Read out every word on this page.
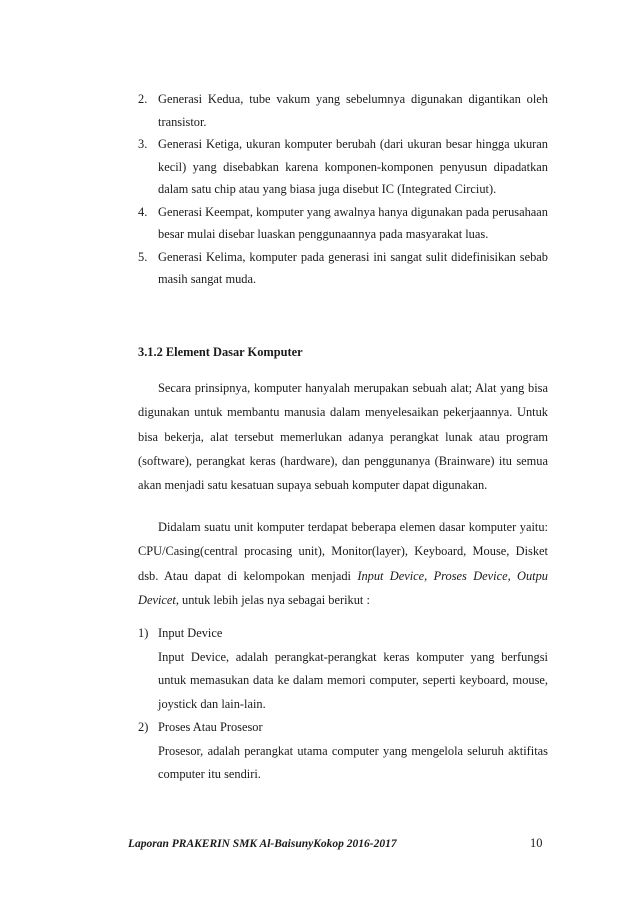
2. Generasi Kedua, tube vakum yang sebelumnya digunakan digantikan oleh transistor.
3. Generasi Ketiga, ukuran komputer berubah (dari ukuran besar hingga ukuran kecil) yang disebabkan karena komponen-komponen penyusun dipadatkan dalam satu chip atau yang biasa juga disebut IC (Integrated Circiut).
4. Generasi Keempat, komputer yang awalnya hanya digunakan pada perusahaan besar mulai disebar luaskan penggunaannya pada masyarakat luas.
5. Generasi Kelima, komputer pada generasi ini sangat sulit didefinisikan sebab masih sangat muda.
3.1.2 Element Dasar Komputer

Secara prinsipnya, komputer hanyalah merupakan sebuah alat; Alat yang bisa digunakan untuk membantu manusia dalam menyelesaikan pekerjaannya. Untuk bisa bekerja, alat tersebut memerlukan adanya perangkat lunak atau program (software), perangkat keras (hardware), dan penggunanya (Brainware) itu semua akan menjadi satu kesatuan supaya sebuah komputer dapat digunakan.

Didalam suatu unit komputer terdapat beberapa elemen dasar komputer yaitu: CPU/Casing(central procasing unit), Monitor(layer), Keyboard, Mouse, Disket dsb. Atau dapat di kelompokan menjadi Input Device, Proses Device, Outpu Devicet, untuk lebih jelas nya sebagai berikut :

1) Input Device
Input Device, adalah perangkat-perangkat keras komputer yang berfungsi untuk memasukan data ke dalam memori computer, seperti keyboard, mouse, joystick dan lain-lain.
2) Proses Atau Prosesor
Prosesor, adalah perangkat utama computer yang mengelola seluruh aktifitas computer itu sendiri.
Laporan PRAKERIN SMK Al-BaisunyKokop 2016-2017	10
